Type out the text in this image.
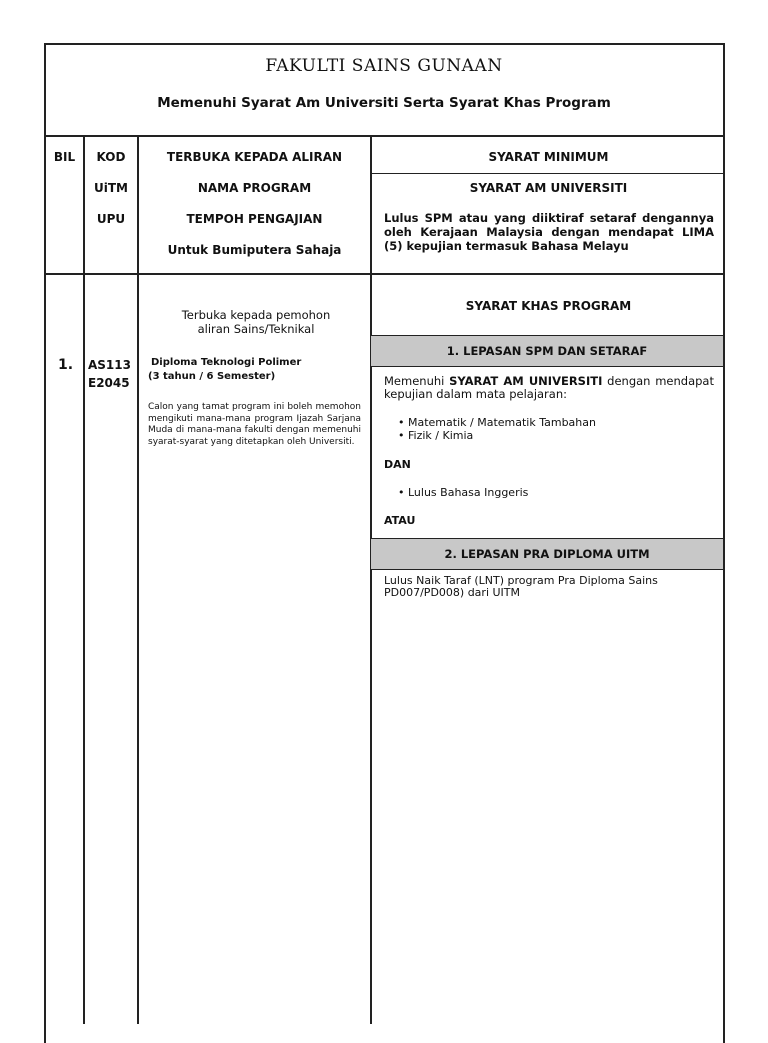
FAKULTI SAINS GUNAAN
Memenuhi Syarat Am Universiti Serta Syarat Khas Program
BIL	KOD
UiTM
UPU
TERBUKA KEPADA ALIRAN
NAMA PROGRAM
TEMPOH PENGAJIAN
Untuk Bumiputera Sahaja
SYARAT MINIMUM
SYARAT AM UNIVERSITI
Lulus SPM atau yang diiktiraf setaraf dengannya oleh Kerajaan Malaysia dengan mendapat LIMA (5) kepujian termasuk Bahasa Melayu
1. AS113
E2045
Terbuka kepada pemohon aliran Sains/Teknikal
Diploma Teknologi Polimer
(3 tahun / 6 Semester)
Calon yang tamat program ini boleh memohon mengikuti mana-mana program Ijazah Sarjana Muda di mana-mana fakulti dengan memenuhi syarat-syarat yang ditetapkan oleh Universiti.
SYARAT KHAS PROGRAM
1. LEPASAN SPM DAN SETARAF
Memenuhi SYARAT AM UNIVERSITI dengan mendapat kepujian dalam mata pelajaran:
• Matematik / Matematik Tambahan
• Fizik / Kimia
DAN
• Lulus Bahasa Inggeris
ATAU
2. LEPASAN PRA DIPLOMA UITM
Lulus Naik Taraf (LNT) program Pra Diploma Sains PD007/PD008) dari UITM
